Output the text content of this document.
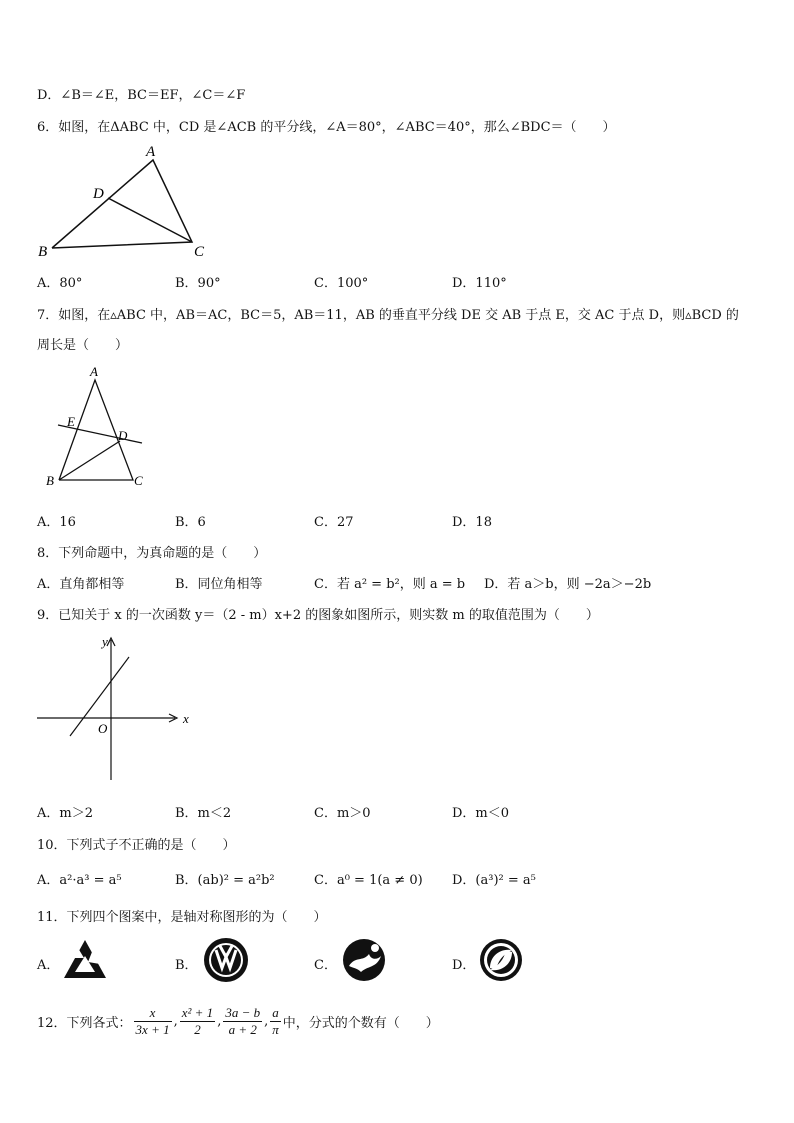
D．∠B＝∠E，BC＝EF，∠C＝∠F
6．如图，在ΔABC 中，CD 是∠ACB 的平分线，∠A＝80°，∠ABC＝40°，那么∠BDC＝（　　）
A
B	C
D
A．80°	B．90°	C．100°	D．110°
7．如图，在▵ABC 中，AB＝AC，BC＝5，AB＝11，AB 的垂直平分线 DE 交 AB 于点 E，交 AC 于点 D，则▵BCD 的
周长是（　　）
A
B	C
D
E
A．16	B．6	C．27	D．18
8．下列命题中，为真命题的是（　　）
A．直角都相等	B．同位角相等	C．若 a² = b²，则 a = b D．若 a＞b，则 −2a＞−2b
9．已知关于 x 的一次函数 y＝（2 - m）x+2 的图象如图所示，则实数 m 的取值范围为（　　）
x
y
O
A．m＞2	B．m＜2	C．m＞0	D．m＜0
10．下列式子不正确的是（　　）
A．a²·a³ = a⁵	B．(ab)² = a²b²	C．a⁰ = 1(a ≠ 0) D．(a³)² = a⁵
11．下列四个图案中，是轴对称图形的为（　　）
A．	B．	C．	D．
12．下列各式： $\frac{x}{3x + 1}$ , $\frac{\text{x² + 1}}{2}$ , $\frac{3a - b}{a + 2}$ , $\frac{a}{\pi}$ 中，分式的个数有（　　）
